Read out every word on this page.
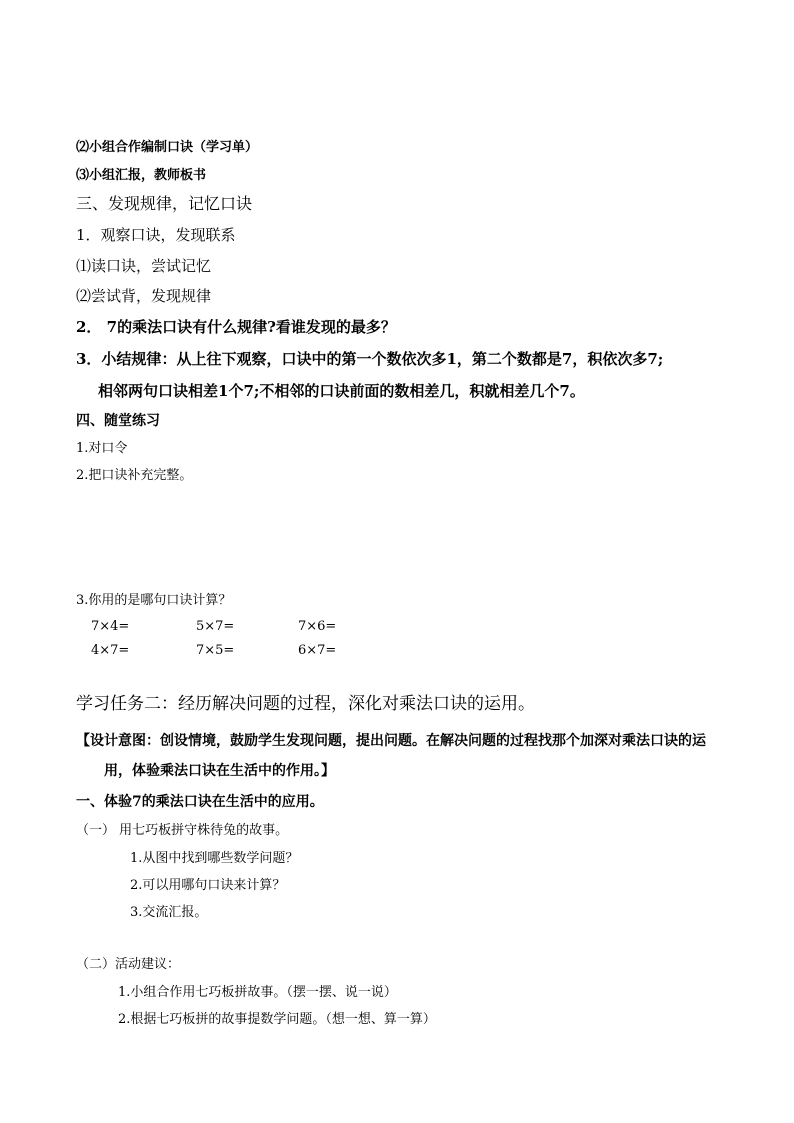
⑵小组合作编制口诀（学习单）
⑶小组汇报，教师板书
三、发现规律，记忆口诀
1．观察口诀，发现联系
⑴读口诀，尝试记忆
⑵尝试背，发现规律
2． 7的乘法口诀有什么规律?看谁发现的最多？
3．小结规律：从上往下观察，口诀中的第一个数依次多1，第二个数都是7，积依次多7;
相邻两句口诀相差1个7;不相邻的口诀前面的数相差几，积就相差几个7。
四、随堂练习
1.对口令
2.把口诀补充完整。
3.你用的是哪句口诀计算？
7×4=	5×7=	7×6=
4×7=	7×5=	6×7=
学习任务二：经历解决问题的过程，深化对乘法口诀的运用。
【设计意图：创设情境，鼓励学生发现问题，提出问题。在解决问题的过程找那个加深对乘法口诀的运
用，体验乘法口诀在生活中的作用。】
一、体验7的乘法口诀在生活中的应用。
（一） 用七巧板拼守株待兔的故事。
1.从图中找到哪些数学问题？
2.可以用哪句口诀来计算？
3.交流汇报。
（二）活动建议：
1.小组合作用七巧板拼故事。（摆一摆、说一说）
2.根据七巧板拼的故事提数学问题。（想一想、算一算）
